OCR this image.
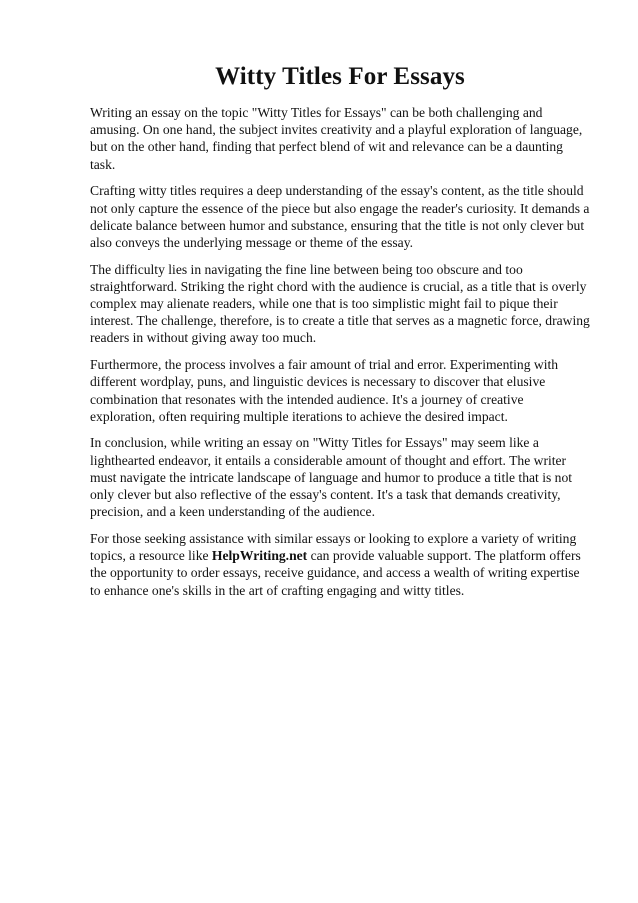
Witty Titles For Essays

Writing an essay on the topic "Witty Titles for Essays" can be both challenging and amusing. On one hand, the subject invites creativity and a playful exploration of language, but on the other hand, finding that perfect blend of wit and relevance can be a daunting task.

Crafting witty titles requires a deep understanding of the essay's content, as the title should not only capture the essence of the piece but also engage the reader's curiosity. It demands a delicate balance between humor and substance, ensuring that the title is not only clever but also conveys the underlying message or theme of the essay.

The difficulty lies in navigating the fine line between being too obscure and too straightforward. Striking the right chord with the audience is crucial, as a title that is overly complex may alienate readers, while one that is too simplistic might fail to pique their interest. The challenge, therefore, is to create a title that serves as a magnetic force, drawing readers in without giving away too much.

Furthermore, the process involves a fair amount of trial and error. Experimenting with different wordplay, puns, and linguistic devices is necessary to discover that elusive combination that resonates with the intended audience. It's a journey of creative exploration, often requiring multiple iterations to achieve the desired impact.

In conclusion, while writing an essay on "Witty Titles for Essays" may seem like a lighthearted endeavor, it entails a considerable amount of thought and effort. The writer must navigate the intricate landscape of language and humor to produce a title that is not only clever but also reflective of the essay's content. It's a task that demands creativity, precision, and a keen understanding of the audience.

For those seeking assistance with similar essays or looking to explore a variety of writing topics, a resource like HelpWriting.net can provide valuable support. The platform offers the opportunity to order essays, receive guidance, and access a wealth of writing expertise to enhance one's skills in the art of crafting engaging and witty titles.
